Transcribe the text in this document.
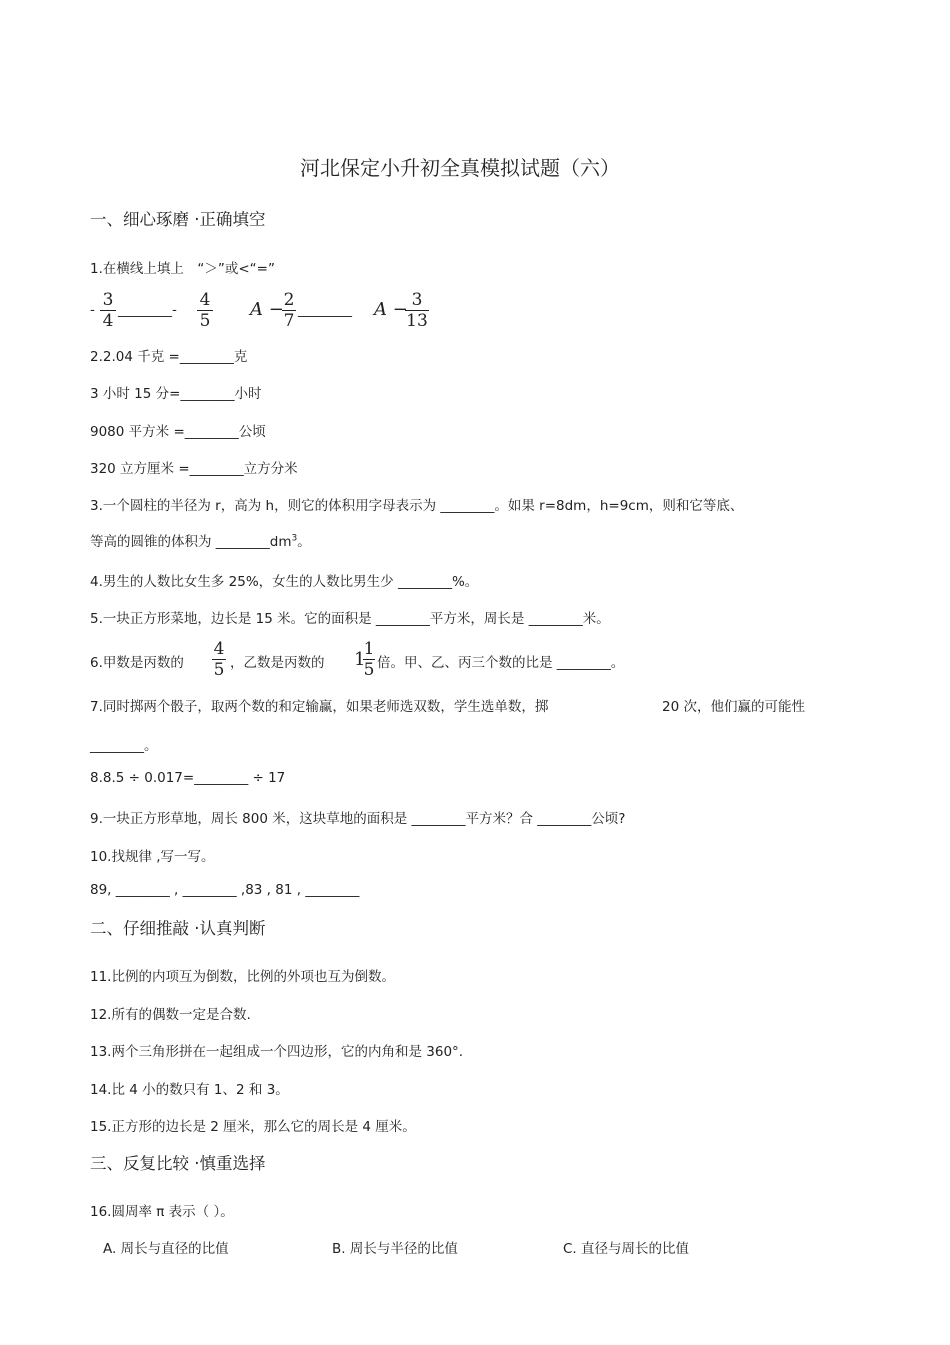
河北保定小升初全真模拟试题（六）
一、细心琢磨 ·正确填空
1.在横线上填上　“＞”或<“=”
- 3
4
________- 4
5
A − 2
7
________ A − 3
13
2.2.04 千克 =________克
3 小时 15 分=________小时
9080 平方米 =________公顷
320 立方厘米 =________立方分米
3.一个圆柱的半径为 r，高为 h，则它的体积用字母表示为 ________。如果 r=8dm，h=9cm，则和它等底、
等高的圆锥的体积为 $\_\_\_\_\_\_\_\_dm^3$。
4.男生的人数比女生多 25%，女生的人数比男生少 ________%。
5.一块正方形菜地，边长是 15 米。它的面积是 ________平方米，周长是 ________米。
6.甲数是丙数的
4
5 ，乙数是丙数的 1
1
5 倍。甲、乙、丙三个数的比是 ________。
7.同时掷两个骰子，取两个数的和定输赢，如果老师选双数，学生选单数，掷	20 次，他们赢的可能性
________。
8.8.5 ÷ 0.017=________ ÷ 17
9.一块正方形草地，周长 800 米，这块草地的面积是 ________平方米？合 ________公顷?
10.找规律 ,写一写。
89, ________ , ________ ,83 , 81 , ________
二、仔细推敲 ·认真判断
11.比例的内项互为倒数，比例的外项也互为倒数。
12.所有的偶数一定是合数.
13.两个三角形拼在一起组成一个四边形，它的内角和是 360°.
14.比 4 小的数只有 1、2 和 3。
15.正方形的边长是 2 厘米，那么它的周长是 4 厘米。
三、反复比较 ·慎重选择
16.圆周率 π 表示（ ）。
A. 周长与直径的比值	B. 周长与半径的比值	C. 直径与周长的比值
